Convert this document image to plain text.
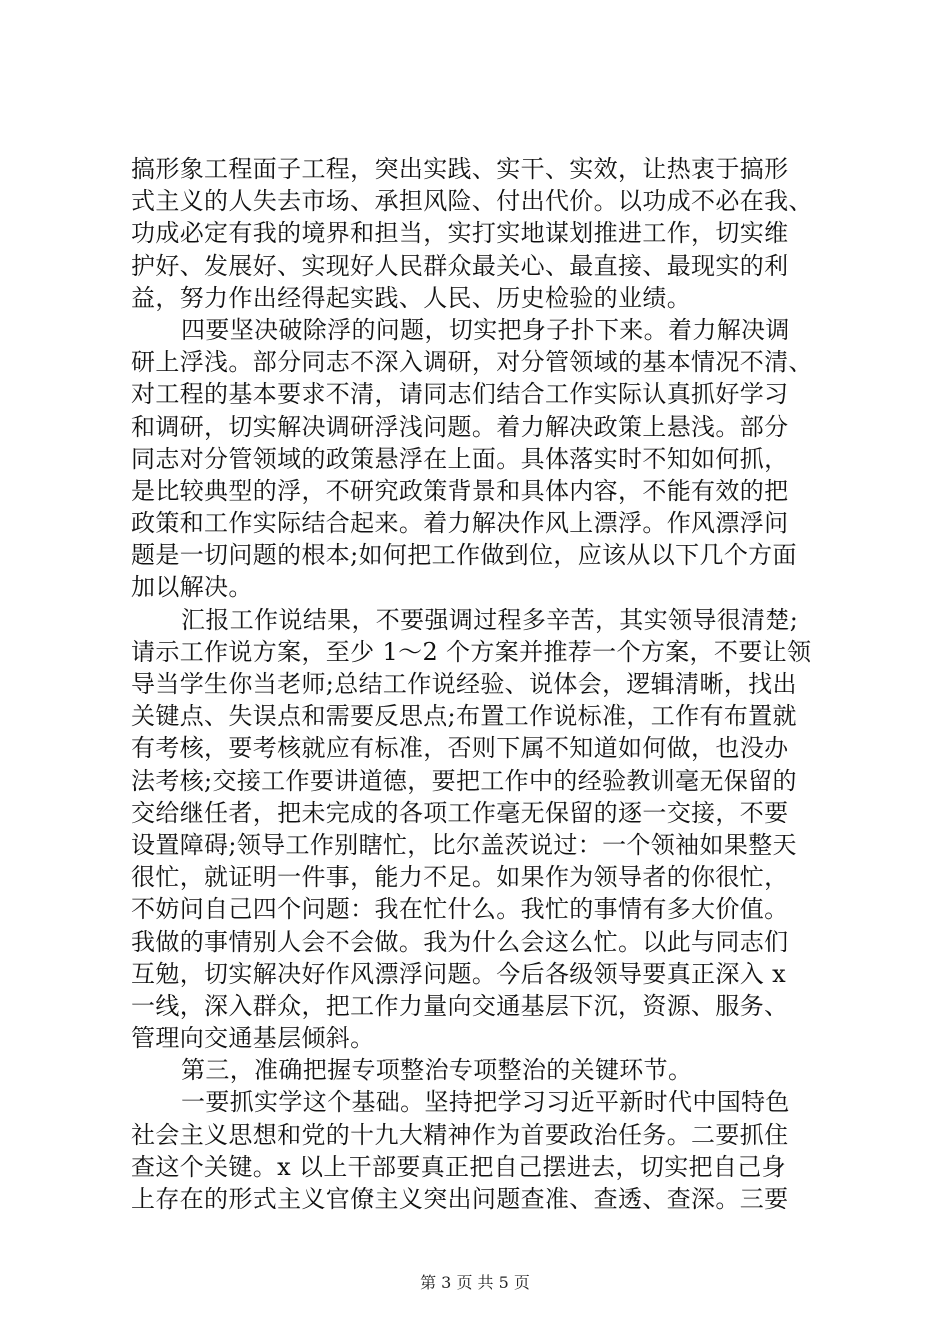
搞形象工程面子工程，突出实践、实干、实效，让热衷于搞形
式主义的人失去市场、承担风险、付出代价。以功成不必在我、
功成必定有我的境界和担当，实打实地谋划推进工作，切实维
护好、发展好、实现好人民群众最关心、最直接、最现实的利
益，努力作出经得起实践、人民、历史检验的业绩。
四要坚决破除浮的问题，切实把身子扑下来。着力解决调
研上浮浅。部分同志不深入调研，对分管领域的基本情况不清、
对工程的基本要求不清，请同志们结合工作实际认真抓好学习
和调研，切实解决调研浮浅问题。着力解决政策上悬浅。部分
同志对分管领域的政策悬浮在上面。具体落实时不知如何抓，
是比较典型的浮，不研究政策背景和具体内容，不能有效的把
政策和工作实际结合起来。着力解决作风上漂浮。作风漂浮问
题是一切问题的根本;如何把工作做到位，应该从以下几个方面
加以解决。
汇报工作说结果，不要强调过程多辛苦，其实领导很清楚;
请示工作说方案，至少 1～2 个方案并推荐一个方案，不要让领
导当学生你当老师;总结工作说经验、说体会，逻辑清晰，找出
关键点、失误点和需要反思点;布置工作说标准，工作有布置就
有考核，要考核就应有标准，否则下属不知道如何做，也没办
法考核;交接工作要讲道德，要把工作中的经验教训毫无保留的
交给继任者，把未完成的各项工作毫无保留的逐一交接，不要
设置障碍;领导工作别瞎忙，比尔盖茨说过：一个领袖如果整天
很忙，就证明一件事，能力不足。如果作为领导者的你很忙，
不妨问自己四个问题：我在忙什么。我忙的事情有多大价值。
我做的事情别人会不会做。我为什么会这么忙。以此与同志们
互勉，切实解决好作风漂浮问题。今后各级领导要真正深入 x
一线，深入群众，把工作力量向交通基层下沉，资源、服务、
管理向交通基层倾斜。
第三，准确把握专项整治专项整治的关键环节。
一要抓实学这个基础。坚持把学习习近平新时代中国特色
社会主义思想和党的十九大精神作为首要政治任务。二要抓住
查这个关键。x 以上干部要真正把自己摆进去，切实把自己身
上存在的形式主义官僚主义突出问题查准、查透、查深。三要
第 3 页 共 5 页
